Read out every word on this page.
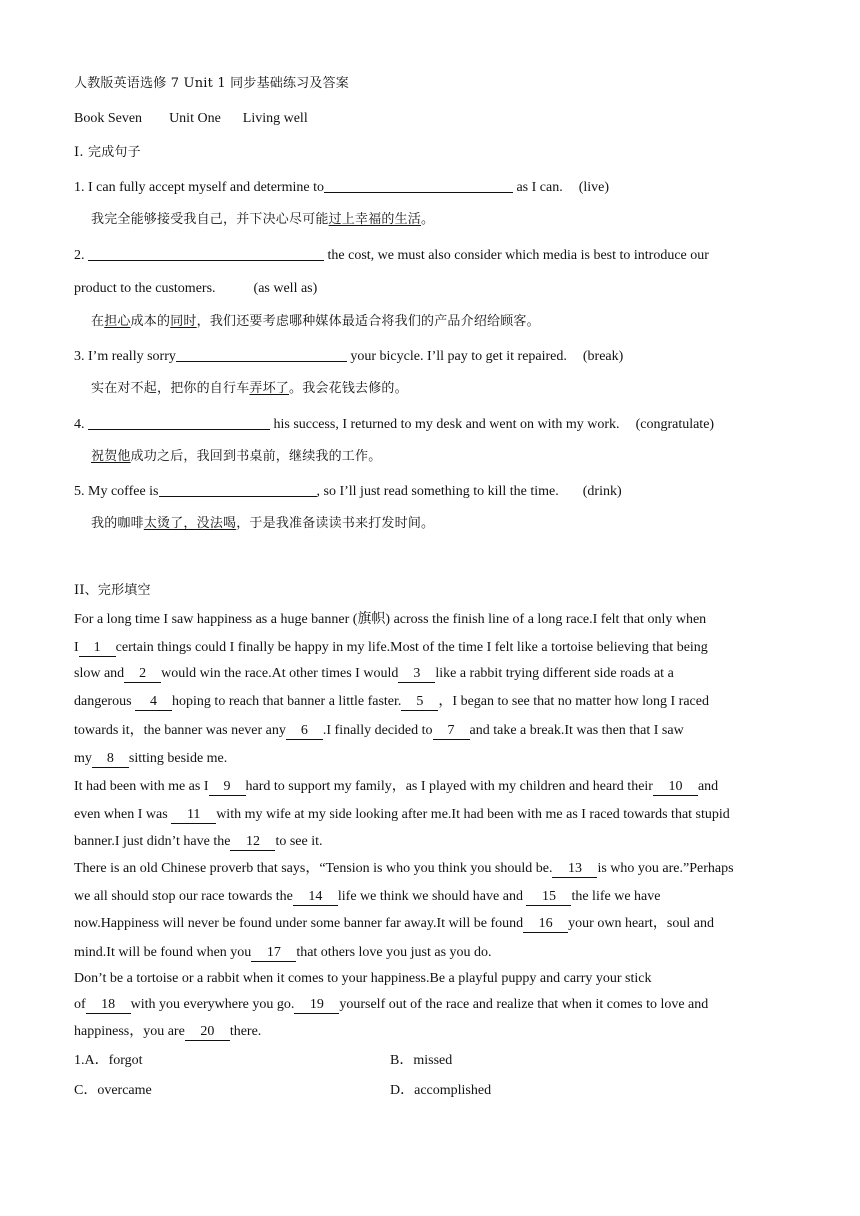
人教版英语选修 7 Unit 1 同步基础练习及答案
Book Seven Unit One Living well
I. 完成句子
1. I can fully accept myself and determine to	as I can. (live)
我完全能够接受我自己，并下决心尽可能过上幸福的生活。
2.	the cost, we must also consider which media is best to introduce our
product to the customers.	(as well as)
在担心成本的同时，我们还要考虑哪种媒体最适合将我们的产品介绍给顾客。
3. I’m really sorry	your bicycle. I’ll pay to get it repaired. (break)
实在对不起，把你的自行车弄坏了。我会花钱去修的。
4.	his success, I returned to my desk and went on with my work. (congratulate)
祝贺他成功之后，我回到书桌前，继续我的工作。
5. My coffee is	, so I’ll just read something to kill the time. (drink)
我的咖啡太烫了，没法喝，于是我准备读读书来打发时间。
II、完形填空
For a long time I saw happiness as a huge banner (旗帜) across the finish line of a long race.I felt that only when
I 1 certain things could I finally be happy in my life.Most of the time I felt like a tortoise believing that being
slow and 2 would win the race.At other times I would 3 like a rabbit trying different side roads at a
dangerous 4 hoping to reach that banner a little faster. 5 ，I began to see that no matter how long I raced
towards it，the banner was never any 6 .I finally decided to 7 and take a break.It was then that I saw
my 8 sitting beside me.
It had been with me as I 9 hard to support my family，as I played with my children and heard their 10 and
even when I was 11 with my wife at my side looking after me.It had been with me as I raced towards that stupid
banner.I just didn’t have the 12 to see it.
There is an old Chinese proverb that says，“Tension is who you think you should be. 13 is who you are.”Perhaps
we all should stop our race towards the 14 life we think we should have and 15 the life we have
now.Happiness will never be found under some banner far away.It will be found 16 your own heart，soul and
mind.It will be found when you 17 that others love you just as you do.
Don’t be a tortoise or a rabbit when it comes to your happiness.Be a playful puppy and carry your stick
of 18 with you everywhere you go. 19 yourself out of the race and realize that when it comes to love and
happiness，you are 20 there.
1.A．forgot	B．missed
C．overcame	D．accomplished
